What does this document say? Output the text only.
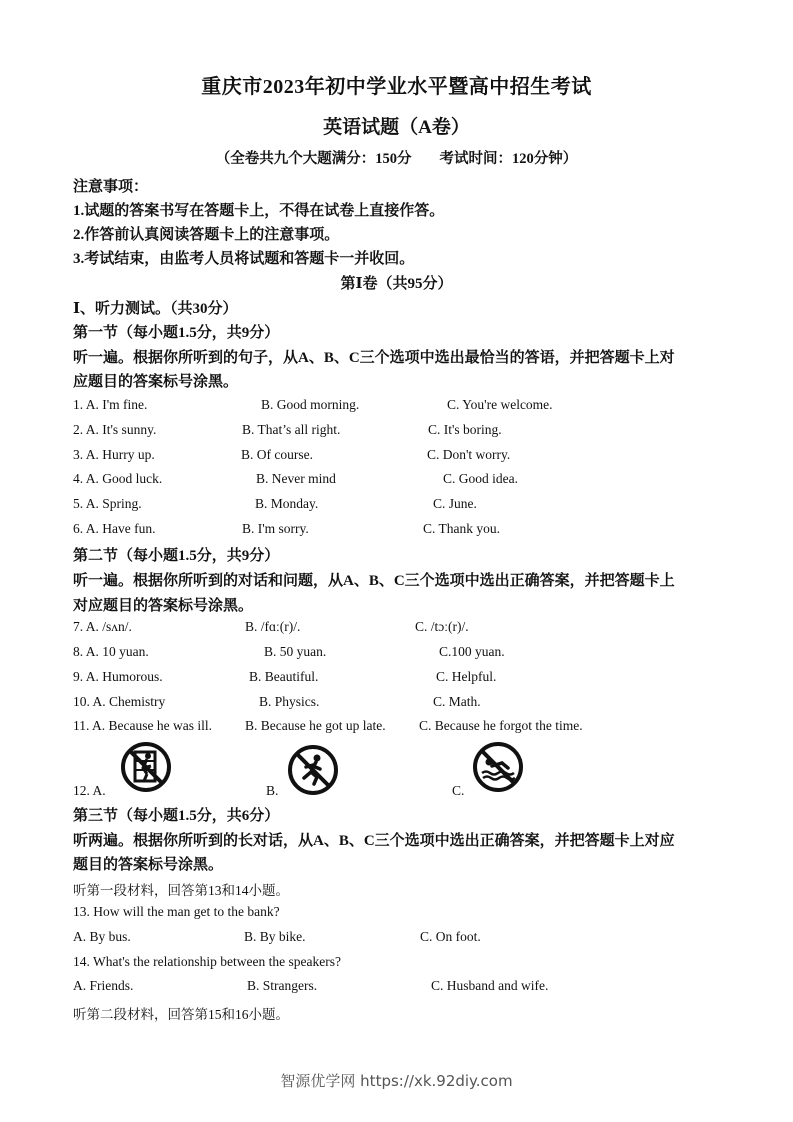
重庆市2023年初中学业水平暨高中招生考试
英语试题（A卷）
（全卷共九个大题满分：150分 考试时间：120分钟）
注意事项：
1.试题的答案书写在答题卡上，不得在试卷上直接作答。
2.作答前认真阅读答题卡上的注意事项。
3.考试结束，由监考人员将试题和答题卡一并收回。
第Ⅰ卷（共95分）
Ⅰ、听力测试。（共30分）
第一节（每小题1.5分，共9分）
听一遍。根据你所听到的句子，从A、B、C三个选项中选出最恰当的答语，并把答题卡上对
应题目的答案标号涂黑。
1. A. I'm fine.	B. Good morning.	C. You're welcome.
2. A. It's sunny.	B. That’s all right.	C. It's boring.
3. A. Hurry up.	B. Of course.	C. Don't worry.
4. A. Good luck.	B. Never mind	C. Good idea.
5. A. Spring.	B. Monday.	C. June.
6. A. Have fun.	B. I'm sorry.	C. Thank you.
第二节（每小题1.5分，共9分）
听一遍。根据你所听到的对话和问题，从A、B、C三个选项中选出正确答案，并把答题卡上
对应题目的答案标号涂黑。
7. A. /sʌn/.	B. /fɑː(r)/.	C. /tɔː(r)/.
8. A. 10 yuan.	B. 50 yuan.	C.100 yuan.
9. A. Humorous.	B. Beautiful.	C. Helpful.
10. A. Chemistry	B. Physics.	C. Math.
11. A. Because he was ill. B. Because he got up late. C. Because he forgot the time.
12. A.	B.	C.
第三节（每小题1.5分，共6分）
听两遍。根据你所听到的长对话，从A、B、C三个选项中选出正确答案，并把答题卡上对应
题目的答案标号涂黑。
听第一段材料，回答第13和14小题。
13. How will the man get to the bank?
A. By bus.	B. By bike.	C. On foot.
14. What's the relationship between the speakers?
A. Friends.	B. Strangers.	C. Husband and wife.
听第二段材料，回答第15和16小题。
智源优学网 https://xk.92diy.com
